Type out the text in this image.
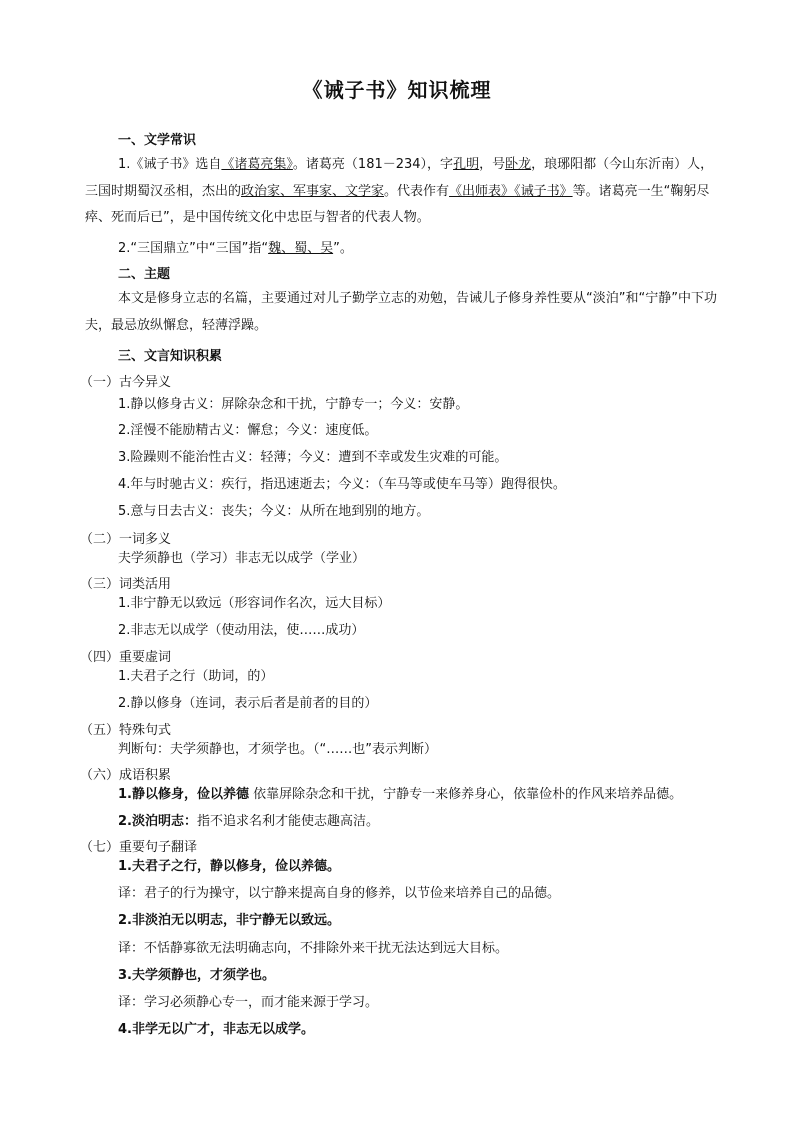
《诫子书》知识梳理
一、文学常识
1.《诫子书》选自《诸葛亮集》。诸葛亮（181－234），字孔明，号卧龙，琅琊阳都（今山东沂南）人，三国时期蜀汉丞相，杰出的政治家、军事家、文学家。代表作有《出师表》《诫子书》等。诸葛亮一生“鞠躬尽瘁、死而后已”，是中国传统文化中忠臣与智者的代表人物。
2.“三国鼎立”中“三国”指“魏、蜀、吴”。
二、主题
本文是修身立志的名篇，主要通过对儿子勤学立志的劝勉，告诫儿子修身养性要从“淡泊”和“宁静”中下功夫，最忌放纵懈怠，轻薄浮躁。
三、文言知识积累
（一）古今异义
1.静以修身古义：屏除杂念和干扰，宁静专一；今义：安静。
2.淫慢不能励精古义：懈怠；今义：速度低。
3.险躁则不能治性古义：轻薄；今义：遭到不幸或发生灾难的可能。
4.年与时驰古义：疾行，指迅速逝去；今义：（车马等或使车马等）跑得很快。
5.意与日去古义：丧失；今义：从所在地到别的地方。
（二）一词多义
夫学须静也（学习）非志无以成学（学业）
（三）词类活用
1.非宁静无以致远（形容词作名次，远大目标）
2.非志无以成学（使动用法，使……成功）
（四）重要虚词
1.夫君子之行（助词，的）
2.静以修身（连词，表示后者是前者的目的）
（五）特殊句式
判断句：夫学须静也，才须学也。（“……也”表示判断）
（六）成语积累
1.静以修身，俭以养德 依靠屏除杂念和干扰，宁静专一来修养身心，依靠俭朴的作风来培养品德。
2.淡泊明志：指不追求名利才能使志趣高洁。
（七）重要句子翻译
1.夫君子之行，静以修身，俭以养德。
译：君子的行为操守，以宁静来提高自身的修养，以节俭来培养自己的品德。
2.非淡泊无以明志，非宁静无以致远。
译：不恬静寡欲无法明确志向，不排除外来干扰无法达到远大目标。
3.夫学须静也，才须学也。
译：学习必须静心专一，而才能来源于学习。
4.非学无以广才，非志无以成学。
